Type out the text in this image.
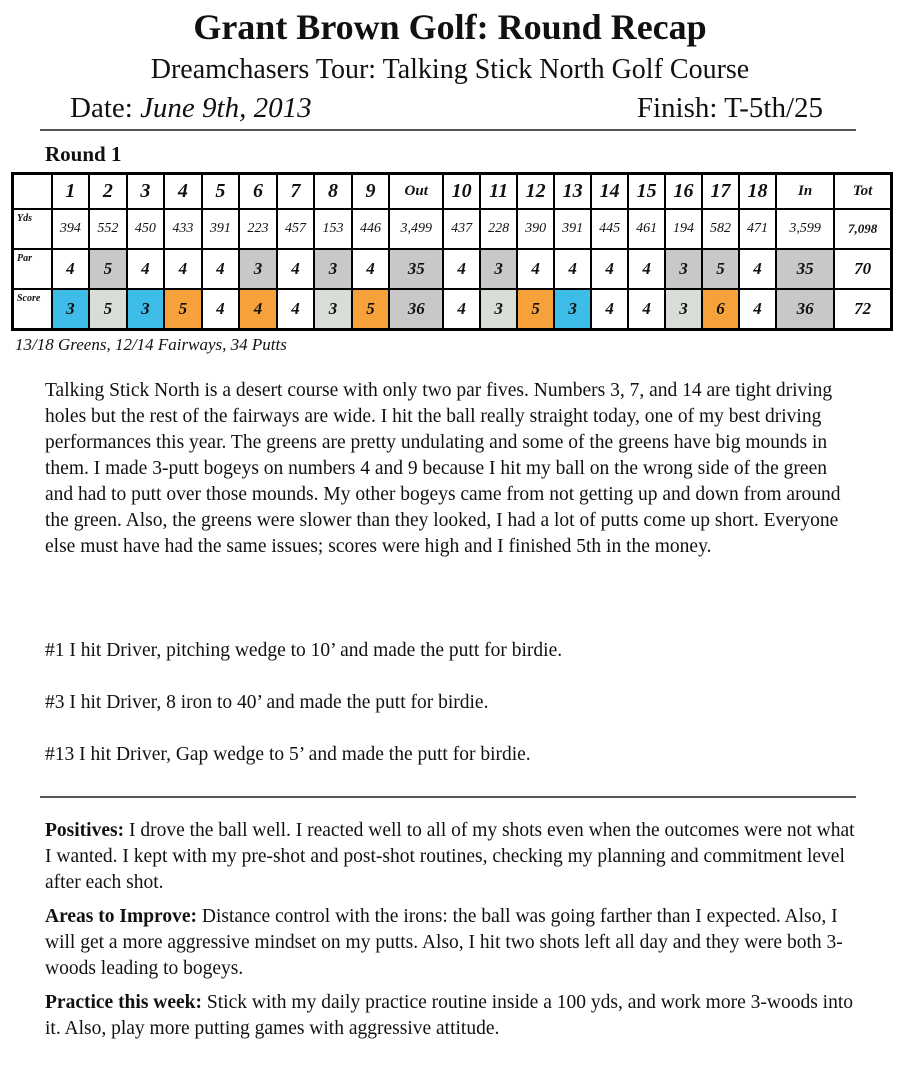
Grant Brown Golf: Round Recap
Dreamchasers Tour: Talking Stick North Golf Course
Date: June 9th, 2013	Finish: T-5th/25
Round 1
	1	2	3	4	5	6	7	8	9	Out	10	11	12	13	14	15	16	17	18	In	Tot
Yds	394	552	450	433	391	223	457	153	446	3,499	437	228	390	391	445	461	194	582	471	3,599	7,098
Par	4	5	4	4	4	3	4	3	4	35	4	3	4	4	4	4	3	5	4	35	70
Score	3	5	3	5	4	4	4	3	5	36	4	3	5	3	4	4	3	6	4	36	72
13/18 Greens, 12/14 Fairways, 34 Putts

Talking Stick North is a desert course with only two par fives. Numbers 3, 7, and 14 are tight driving holes but the rest of the fairways are wide. I hit the ball really straight today, one of my best driving performances this year. The greens are pretty undulating and some of the greens have big mounds in them. I made 3-putt bogeys on numbers 4 and 9 because I hit my ball on the wrong side of the green and had to putt over those mounds. My other bogeys came from not getting up and down from around the green. Also, the greens were slower than they looked, I had a lot of putts come up short. Everyone else must have had the same issues; scores were high and I finished 5th in the money.

#1 I hit Driver, pitching wedge to 10’ and made the putt for birdie.

#3 I hit Driver, 8 iron to 40’ and made the putt for birdie.

#13 I hit Driver, Gap wedge to 5’ and made the putt for birdie.

Positives: I drove the ball well. I reacted well to all of my shots even when the outcomes were not what I wanted. I kept with my pre-shot and post-shot routines, checking my planning and commitment level after each shot.

Areas to Improve: Distance control with the irons: the ball was going farther than I expected. Also, I will get a more aggressive mindset on my putts. Also, I hit two shots left all day and they were both 3-woods leading to bogeys.

Practice this week: Stick with my daily practice routine inside a 100 yds, and work more 3-woods into it. Also, play more putting games with aggressive attitude.
